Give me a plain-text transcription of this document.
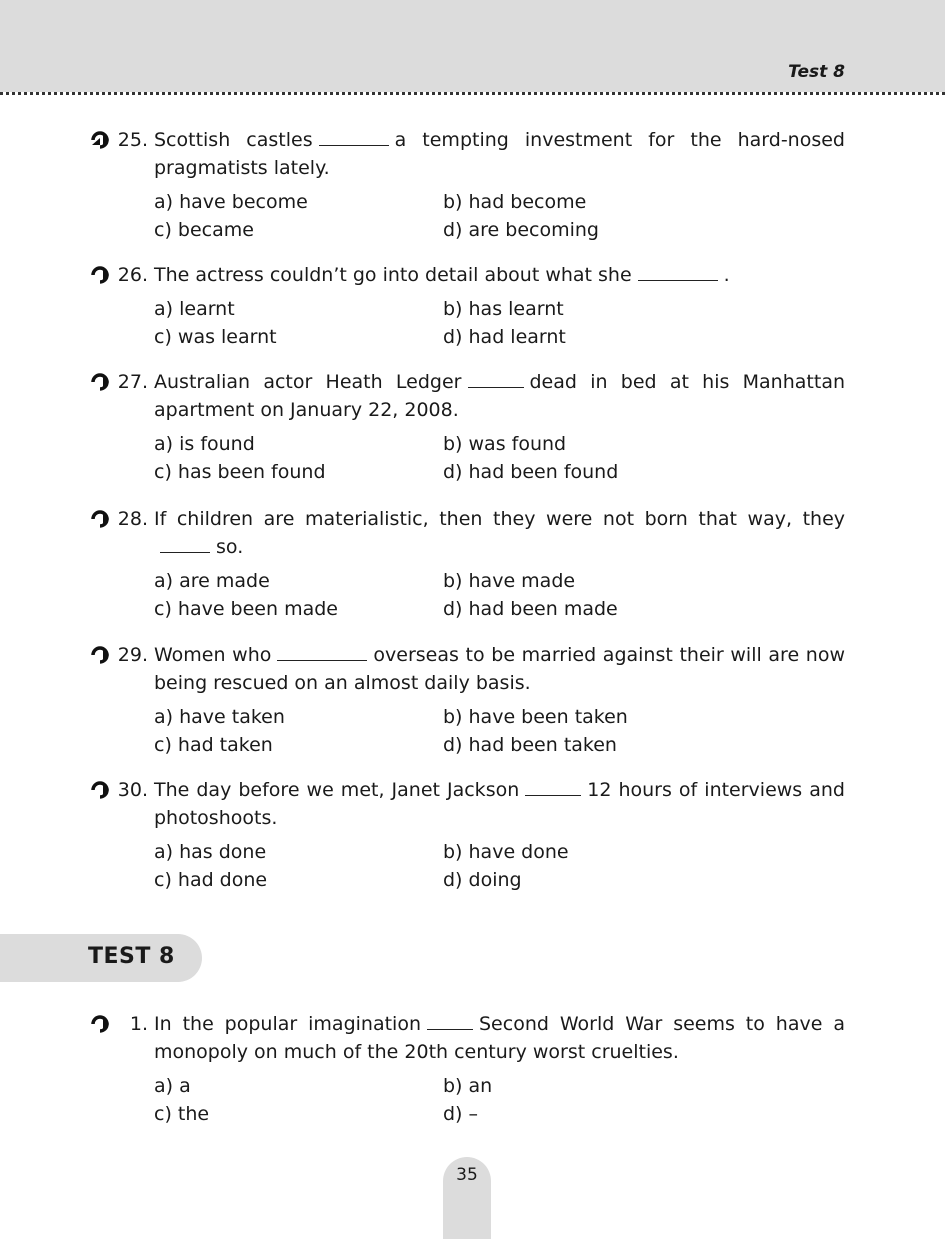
Test 8
25. Scottish castles	a tempting investment for the hard-nosed pragmatists lately.
a) have become	b) had become
c) became	d) are becoming
26. The actress couldn’t go into detail about what she	.
a) learnt	b) has learnt
c) was learnt	d) had learnt
27. Australian actor Heath Ledger	dead in bed at his Manhattan apartment on January 22, 2008.
a) is found	b) was found
c) has been found	d) had been found
28. If children are materialistic, then they were not born that way, theyso.
a) are made	b) have made
c) have been made	d) had been made
29. Women who	overseas to be married against their will are now being rescued on an almost daily basis.
a) have taken	b) have been taken
c) had taken	d) had been taken
30. The day before we met, Janet Jackson	12 hours of interviews and photoshoots.
a) has done	b) have done
c) had done	d) doing
TEST 8
1. In the popular imagination	Second World War seems to have a monopoly on much of the 20th century worst cruelties.
a) a	b) an
c) the	d) –
35
